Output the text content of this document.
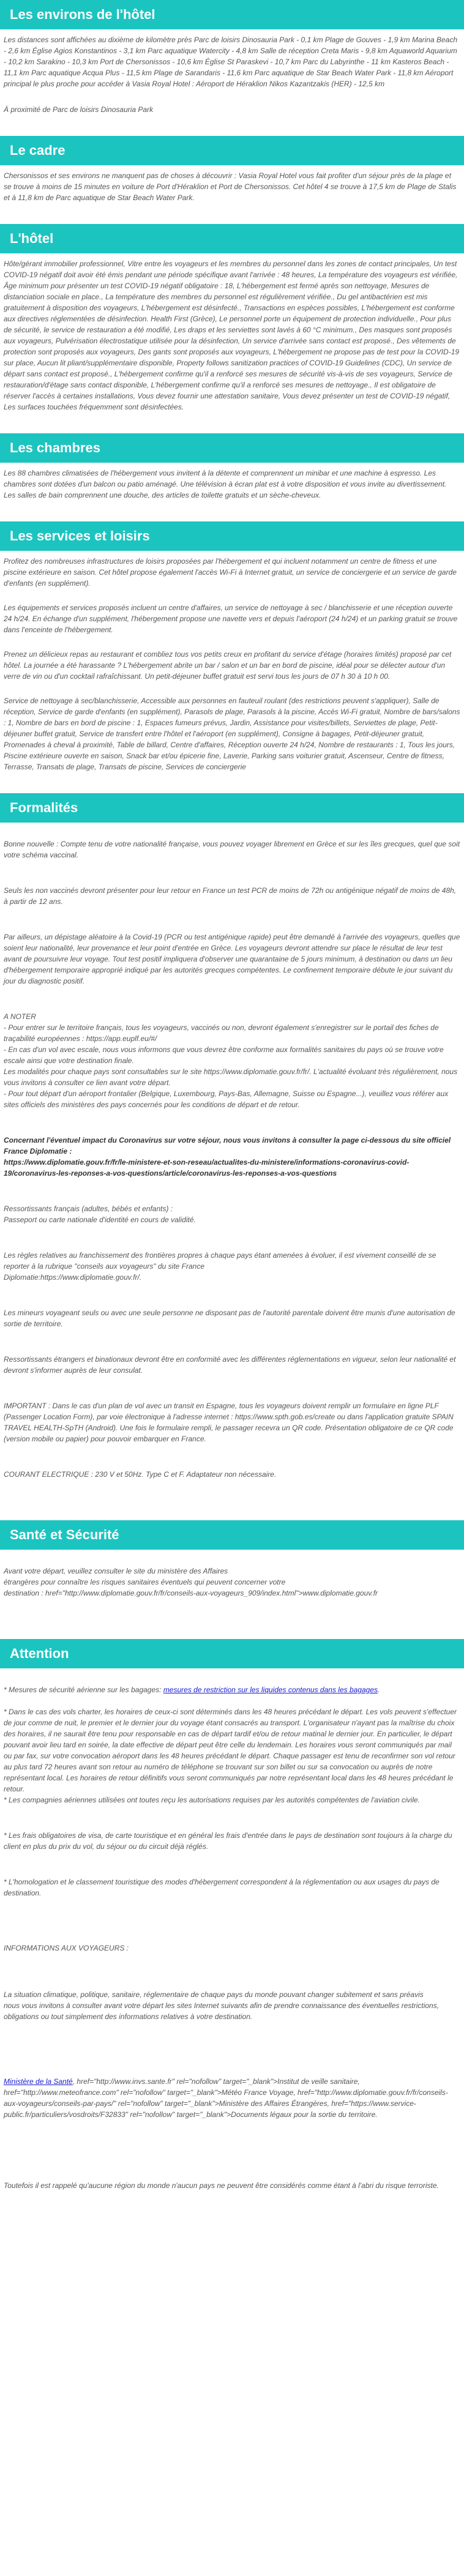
Les environs de l'hôtel

Les distances sont affichées au dixième de kilomètre près Parc de loisirs Dinosauria Park - 0,1 km Plage de Gouves - 1,9 km Marina Beach - 2,6 km Église Agios Konstantinos - 3,1 km Parc aquatique Watercity - 4,8 km Salle de réception Creta Maris - 9,8 km Aquaworld Aquarium - 10,2 km Sarakino - 10,3 km Port de Chersonissos - 10,6 km Église St Paraskevi - 10,7 km Parc du Labyrinthe - 11 km Kasteros Beach - 11,1 km Parc aquatique Acqua Plus - 11,5 km Plage de Sarandaris - 11,6 km Parc aquatique de Star Beach Water Park - 11,8 km Aéroport principal le plus proche pour accéder à Vasia Royal Hotel : Aéroport de Héraklion Nikos Kazantzakis (HER) - 12,5 km

À proximité de Parc de loisirs Dinosauria Park

Le cadre

Chersonissos et ses environs ne manquent pas de choses à découvrir : Vasia Royal Hotel vous fait profiter d'un séjour près de la plage et se trouve à moins de 15 minutes en voiture de Port d'Héraklion et Port de Chersonissos. Cet hôtel 4 se trouve à 17,5 km de Plage de Stalis et à 11,8 km de Parc aquatique de Star Beach Water Park.

L'hôtel

Hôte/gérant immobilier professionnel, Vitre entre les voyageurs et les membres du personnel dans les zones de contact principales, Un test COVID-19 négatif doit avoir été émis pendant une période spécifique avant l'arrivée : 48 heures, La température des voyageurs est vérifiée, Âge minimum pour présenter un test COVID-19 négatif obligatoire : 18, L'hébergement est fermé après son nettoyage, Mesures de distanciation sociale en place., La température des membres du personnel est régulièrement vérifiée., Du gel antibactérien est mis gratuitement à disposition des voyageurs, L'hébergement est désinfecté., Transactions en espèces possibles, L'hébergement est conforme aux directives réglementées de désinfection. Health First (Grèce), Le personnel porte un équipement de protection individuelle., Pour plus de sécurité, le service de restauration a été modifié, Les draps et les serviettes sont lavés à 60 °C minimum., Des masques sont proposés aux voyageurs, Pulvérisation électrostatique utilisée pour la désinfection, Un service d'arrivée sans contact est proposé., Des vêtements de protection sont proposés aux voyageurs, Des gants sont proposés aux voyageurs, L'hébergement ne propose pas de test pour la COVID-19 sur place, Aucun lit pliant/supplémentaire disponible, Property follows sanitization practices of COVID-19 Guidelines (CDC), Un service de départ sans contact est proposé., L'hébergement confirme qu'il a renforcé ses mesures de sécurité vis-à-vis de ses voyageurs, Service de restauration/d'étage sans contact disponible, L'hébergement confirme qu'il a renforcé ses mesures de nettoyage., Il est obligatoire de réserver l'accès à certaines installations, Vous devez fournir une attestation sanitaire, Vous devez présenter un test de COVID-19 négatif, Les surfaces touchées fréquemment sont désinfectées.

Les chambres

Les 88 chambres climatisées de l'hébergement vous invitent à la détente et comprennent un minibar et une machine à espresso. Les chambres sont dotées d'un balcon ou patio aménagé. Une télévision à écran plat est à votre disposition et vous invite au divertissement. Les salles de bain comprennent une douche, des articles de toilette gratuits et un sèche-cheveux.

Les services et loisirs

Profitez des nombreuses infrastructures de loisirs proposées par l'hébergement et qui incluent notamment un centre de fitness et une piscine extérieure en saison. Cet hôtel propose également l'accès Wi-Fi à Internet gratuit, un service de conciergerie et un service de garde d'enfants (en supplément).

Les équipements et services proposés incluent un centre d'affaires, un service de nettoyage à sec / blanchisserie et une réception ouverte 24 h/24. En échange d'un supplément, l'hébergement propose une navette vers et depuis l'aéroport (24 h/24) et un parking gratuit se trouve dans l'enceinte de l'hébergement.

Prenez un délicieux repas au restaurant et combliez tous vos petits creux en profitant du service d'étage (horaires limités) proposé par cet hôtel. La journée a été harassante ? L'hébergement abrite un bar / salon et un bar en bord de piscine, idéal pour se délecter autour d'un verre de vin ou d'un cocktail rafraîchissant. Un petit-déjeuner buffet gratuit est servi tous les jours de 07 h 30 à 10 h 00.

Service de nettoyage à sec/blanchisserie, Accessible aux personnes en fauteuil roulant (des restrictions peuvent s'appliquer), Salle de réception, Service de garde d'enfants (en supplément), Parasols de plage, Parasols à la piscine, Accès Wi-Fi gratuit, Nombre de bars/salons : 1, Nombre de bars en bord de piscine : 1, Espaces fumeurs prévus, Jardin, Assistance pour visites/billets, Serviettes de plage, Petit-déjeuner buffet gratuit, Service de transfert entre l'hôtel et l'aéroport (en supplément), Consigne à bagages, Petit-déjeuner gratuit, Promenades à cheval à proximité, Table de billard, Centre d'affaires, Réception ouverte 24 h/24, Nombre de restaurants : 1, Tous les jours, Piscine extérieure ouverte en saison, Snack bar et/ou épicerie fine, Laverie, Parking sans voiturier gratuit, Ascenseur, Centre de fitness, Terrasse, Transats de plage, Transats de piscine, Services de conciergerie

Formalités

Bonne nouvelle : Compte tenu de votre nationalité française, vous pouvez voyager librement en Grèce et sur les îles grecques, quel que soit votre schéma vaccinal.

Seuls les non vaccinés devront présenter pour leur retour en France un test PCR de moins de 72h ou antigénique négatif de moins de 48h, à partir de 12 ans.

Par ailleurs, un dépistage aléatoire à la Covid-19 (PCR ou test antigénique rapide) peut être demandé à l'arrivée des voyageurs, quelles que soient leur nationalité, leur provenance et leur point d'entrée en Grèce. Les voyageurs devront attendre sur place le résultat de leur test avant de poursuivre leur voyage. Tout test positif impliquera d'observer une quarantaine de 5 jours minimum, à destination ou dans un lieu d'hébergement temporaire approprié indiqué par les autorités grecques compétentes. Le confinement temporaire débute le jour suivant du jour du diagnostic positif.

A NOTER
- Pour entrer sur le territoire français, tous les voyageurs, vaccinés ou non, devront également s'enregistrer sur le portail des fiches de traçabilité européennes : https://app.euplf.eu/#/
- En cas d'un vol avec escale, nous vous informons que vous devrez être conforme aux formalités sanitaires du pays où se trouve votre escale ainsi que votre destination finale.
Les modalités pour chaque pays sont consultables sur le site https://www.diplomatie.gouv.fr/fr/. L'actualité évoluant très régulièrement, nous vous invitons à consulter ce lien avant votre départ.
- Pour tout départ d'un aéroport frontalier (Belgique, Luxembourg, Pays-Bas, Allemagne, Suisse ou Espagne...), veuillez vous référer aux sites officiels des ministères des pays concernés pour les conditions de départ et de retour.

Concernant l'éventuel impact du Coronavirus sur votre séjour, nous vous invitons à consulter la page ci-dessous du site officiel France Diplomatie :
https://www.diplomatie.gouv.fr/fr/le-ministere-et-son-reseau/actualites-du-ministere/informations-coronavirus-covid-19/coronavirus-les-reponses-a-vos-questions/article/coronavirus-les-reponses-a-vos-questions

Ressortissants français (adultes, bébés et enfants) :
Passeport ou carte nationale d'identité en cours de validité.

Les règles relatives au franchissement des frontières propres à chaque pays étant amenées à évoluer, il est vivement conseillé de se reporter à la rubrique "conseils aux voyageurs" du site France
Diplomatie:https://www.diplomatie.gouv.fr/.

Les mineurs voyageant seuls ou avec une seule personne ne disposant pas de l'autorité parentale doivent être munis d'une autorisation de sortie de territoire.

Ressortissants étrangers et binationaux devront être en conformité avec les différentes réglementations en vigueur, selon leur nationalité et devront s'informer auprès de leur consulat.

IMPORTANT : Dans le cas d'un plan de vol avec un transit en Espagne, tous les voyageurs doivent remplir un formulaire en ligne PLF (Passenger Location Form), par voie électronique à l'adresse internet : https://www.spth.gob.es/create ou dans l'application gratuite SPAIN TRAVEL HEALTH-SpTH (Android). Une fois le formulaire rempli, le passager recevra un QR code. Présentation obligatoire de ce QR code (version mobile ou papier) pour pouvoir embarquer en France.

COURANT ELECTRIQUE : 230 V et 50Hz. Type C et F. Adaptateur non nécessaire.

Santé et Sécurité

Avant votre départ, veuillez consulter le site du ministère des Affaires
étrangères pour connaître les risques sanitaires éventuels qui peuvent concerner votre
destination : href="http://www.diplomatie.gouv.fr/fr/conseils-aux-voyageurs_909/index.html">www.diplomatie.gouv.fr

Attention

* Mesures de sécurité aérienne sur les bagages: mesures de restriction sur les liquides contenus dans les bagages.

* Dans le cas des vols charter, les horaires de ceux-ci sont déterminés dans les 48 heures précédant le départ. Les vols peuvent s'effectuer de jour comme de nuit, le premier et le dernier jour du voyage étant consacrés au transport. L'organisateur n'ayant pas la maîtrise du choix des horaires, il ne saurait être tenu pour responsable en cas de départ tardif et/ou de retour matinal le dernier jour. En particulier, le départ pouvant avoir lieu tard en soirée, la date effective de départ peut être celle du lendemain. Les horaires vous seront communiqués par mail ou par fax, sur votre convocation aéroport dans les 48 heures précédant le départ. Chaque passager est tenu de reconfirmer son vol retour au plus tard 72 heures avant son retour au numéro de téléphone se trouvant sur son billet ou sur sa convocation ou auprès de notre représentant local. Les horaires de retour définitifs vous seront communiqués par notre représentant local dans les 48 heures précédant le retour.
* Les compagnies aériennes utilisées ont toutes reçu les autorisations requises par les autorités compétentes de l'aviation civile.

* Les frais obligatoires de visa, de carte touristique et en général les frais d'entrée dans le pays de destination sont toujours à la charge du client en plus du prix du vol, du séjour ou du circuit déjà réglés.

* L'homologation et le classement touristique des modes d'hébergement correspondent à la réglementation ou aux usages du pays de destination.

INFORMATIONS AUX VOYAGEURS :

La situation climatique, politique, sanitaire, réglementaire de chaque pays du monde pouvant changer subitement et sans préavis
nous vous invitons à consulter avant votre départ les sites Internet suivants afin de prendre connaissance des éventuelles restrictions, obligations ou tout simplement des informations relatives à votre destination.

Ministère de la Santé, href="http://www.invs.sante.fr" rel="nofollow" target="_blank">Institut de veille sanitaire, href="http://www.meteofrance.com" rel="nofollow" target="_blank">Météo France Voyage, href="http://www.diplomatie.gouv.fr/fr/conseils-aux-voyageurs/conseils-par-pays/" rel="nofollow" target="_blank">Ministère des Affaires Étrangères, href="https://www.service-public.fr/particuliers/vosdroits/F32833" rel="nofollow" target="_blank">Documents légaux pour la sortie du territoire.

Toutefois il est rappelé qu'aucune région du monde n'aucun pays ne peuvent être considérés comme étant à l'abri du risque terroriste.
